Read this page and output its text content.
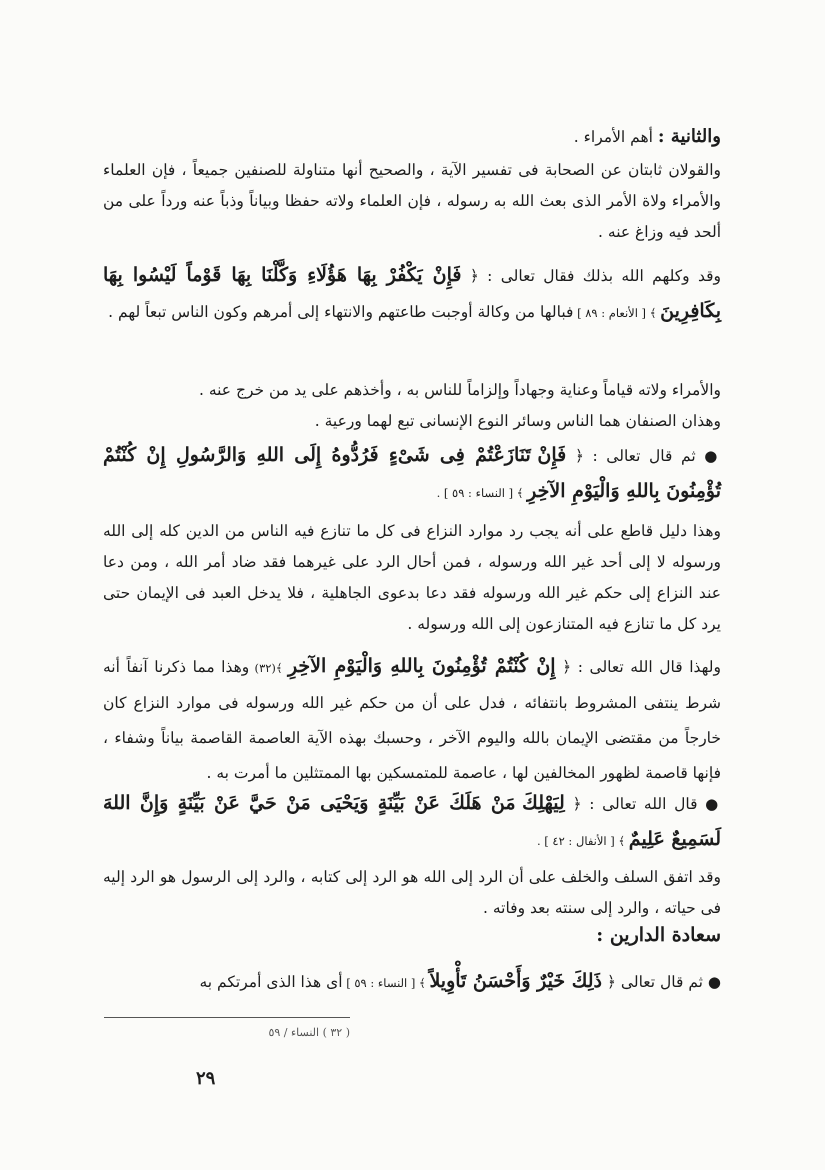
والثانية : أهم الأمراء .

والقولان ثابتان عن الصحابة فى تفسير الآية ، والصحيح أنها متناولة للصنفين جميعاً ، فإن العلماء والأمراء ولاة الأمر الذى بعث الله به رسوله ، فإن العلماء ولاته حفظا وبياناً وذباً عنه ورداً على من ألحد فيه وزاغ عنه .

وقد وكلهم الله بذلك فقال تعالى : ﴿ فَإِنْ يَكْفُرْ بِهَا هَؤُلَاءِ وَكَّلْنَا بِهَا قَوْماً لَيْسُوا بِهَا بِكَافِرِينَ ﴾ [ الأنعام : ٨٩ ] فبالها من وكالة أوجبت طاعتهم والانتهاء إلى أمرهم وكون الناس تبعاً لهم .

والأمراء ولاته قياماً وعناية وجهاداً وإلزاماً للناس به ، وأخذهم على يد من خرج عنه .

وهذان الصنفان هما الناس وسائر النوع الإنسانى تبع لهما ورعية .

● ثم قال تعالى : ﴿ فَإِنْ تَنَازَعْتُمْ فِى شَىْءٍ فَرُدُّوهُ إِلَى اللهِ وَالرَّسُولِ إِنْ كُنْتُمْ تُؤْمِنُونَ بِاللهِ وَالْيَوْمِ الآخِرِ ﴾ [ النساء : ٥٩ ] .

وهذا دليل قاطع على أنه يجب رد موارد النزاع فى كل ما تنازع فيه الناس من الدين كله إلى الله ورسوله لا إلى أحد غير الله ورسوله ، فمن أحال الرد على غيرهما فقد ضاد أمر الله ، ومن دعا عند النزاع إلى حكم غير الله ورسوله فقد دعا بدعوى الجاهلية ، فلا يدخل العبد فى الإيمان حتى يرد كل ما تنازع فيه المتنازعون إلى الله ورسوله .

ولهذا قال الله تعالى : ﴿ إِنْ كُنْتُمْ تُؤْمِنُونَ بِاللهِ وَالْيَوْمِ الآخِرِ ﴾(٣٢) وهذا مما ذكرنا آنفاً أنه شرط ينتفى المشروط بانتفائه ، فدل على أن من حكم غير الله ورسوله فى موارد النزاع كان خارجاً من مقتضى الإيمان بالله واليوم الآخر ، وحسبك بهذه الآية العاصمة القاصمة بياناً وشفاء ، فإنها قاصمة لظهور المخالفين لها ، عاصمة للمتمسكين بها الممتثلين ما أمرت به .

● قال الله تعالى : ﴿ لِيَهْلِكَ مَنْ هَلَكَ عَنْ بَيِّنَةٍ وَيَحْيَى مَنْ حَيَّ عَنْ بَيِّنَةٍ وَإِنَّ اللهَ لَسَمِيعٌ عَلِيمٌ ﴾ [ الأنفال : ٤٢ ] .

وقد اتفق السلف والخلف على أن الرد إلى الله هو الرد إلى كتابه ، والرد إلى الرسول هو الرد إليه فى حياته ، والرد إلى سنته بعد وفاته .

سعادة الدارين :

● ثم قال تعالى ﴿ ذَلِكَ خَيْرٌ وَأَحْسَنُ تَأْوِيلاً ﴾ [ النساء : ٥٩ ] أى هذا الذى أمرتكم به

( ٣٢ ) النساء / ٥٩
٢٩
